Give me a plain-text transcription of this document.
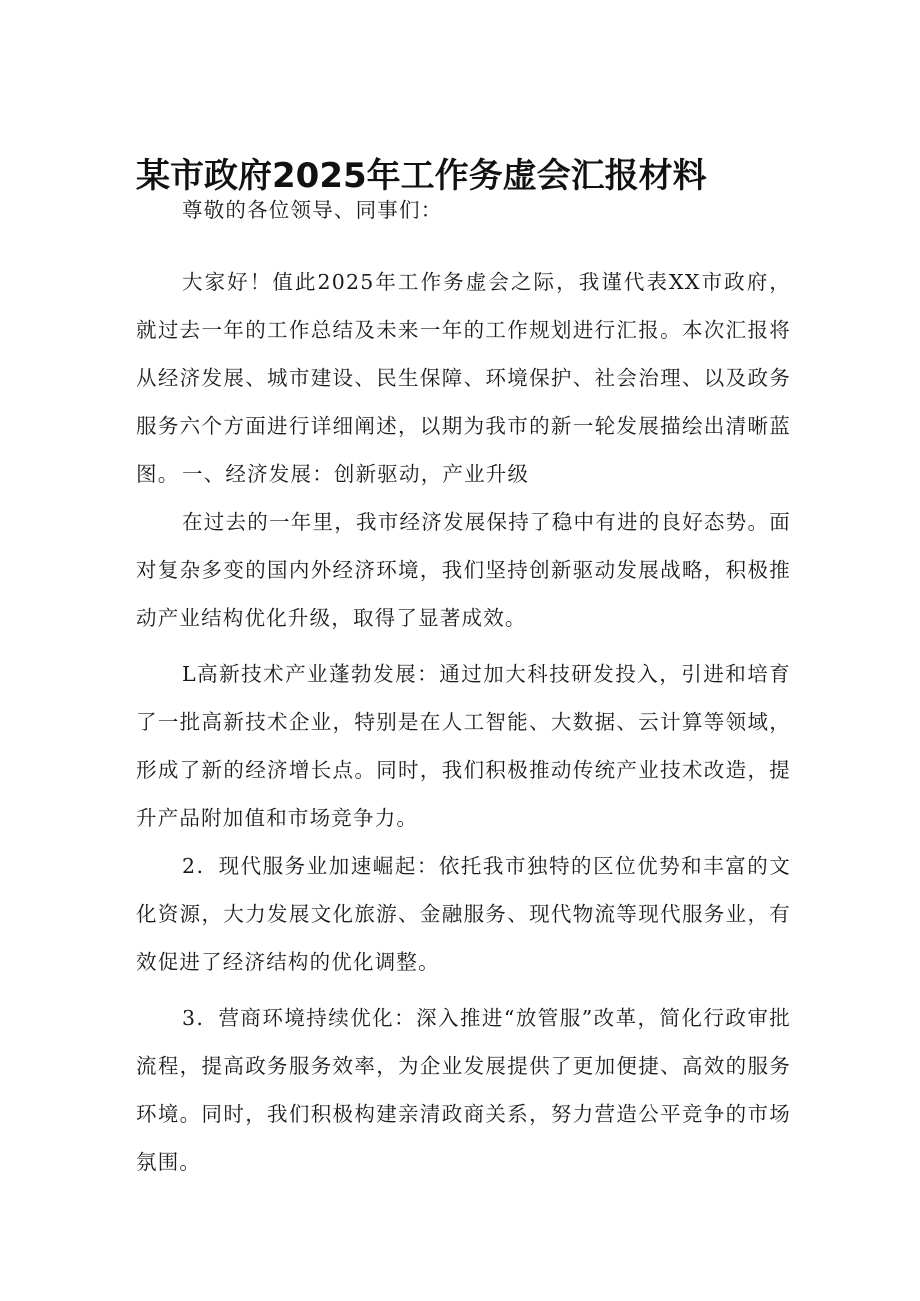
某市政府2025年工作务虚会汇报材料

尊敬的各位领导、同事们：

大家好！值此2025年工作务虚会之际，我谨代表XX市政府，就过去一年的工作总结及未来一年的工作规划进行汇报。本次汇报将从经济发展、城市建设、民生保障、环境保护、社会治理、以及政务服务六个方面进行详细阐述，以期为我市的新一轮发展描绘出清晰蓝图。 一、经济发展：创新驱动，产业升级

在过去的一年里，我市经济发展保持了稳中有进的良好态势。面对复杂多变的国内外经济环境，我们坚持创新驱动发展战略，积极推动产业结构优化升级，取得了显著成效。

L高新技术产业蓬勃发展：通过加大科技研发投入，引进和培育了一批高新技术企业，特别是在人工智能、大数据、云计算等领域，形成了新的经济增长点。同时，我们积极推动传统产业技术改造，提升产品附加值和市场竞争力。

2．现代服务业加速崛起：依托我市独特的区位优势和丰富的文化资源，大力发展文化旅游、金融服务、现代物流等现代服务业，有效促进了经济结构的优化调整。

3．营商环境持续优化：深入推进“放管服”改革，简化行政审批流程，提高政务服务效率，为企业发展提供了更加便捷、高效的服务环境。同时，我们积极构建亲清政商关系，努力营造公平竞争的市场氛围。
